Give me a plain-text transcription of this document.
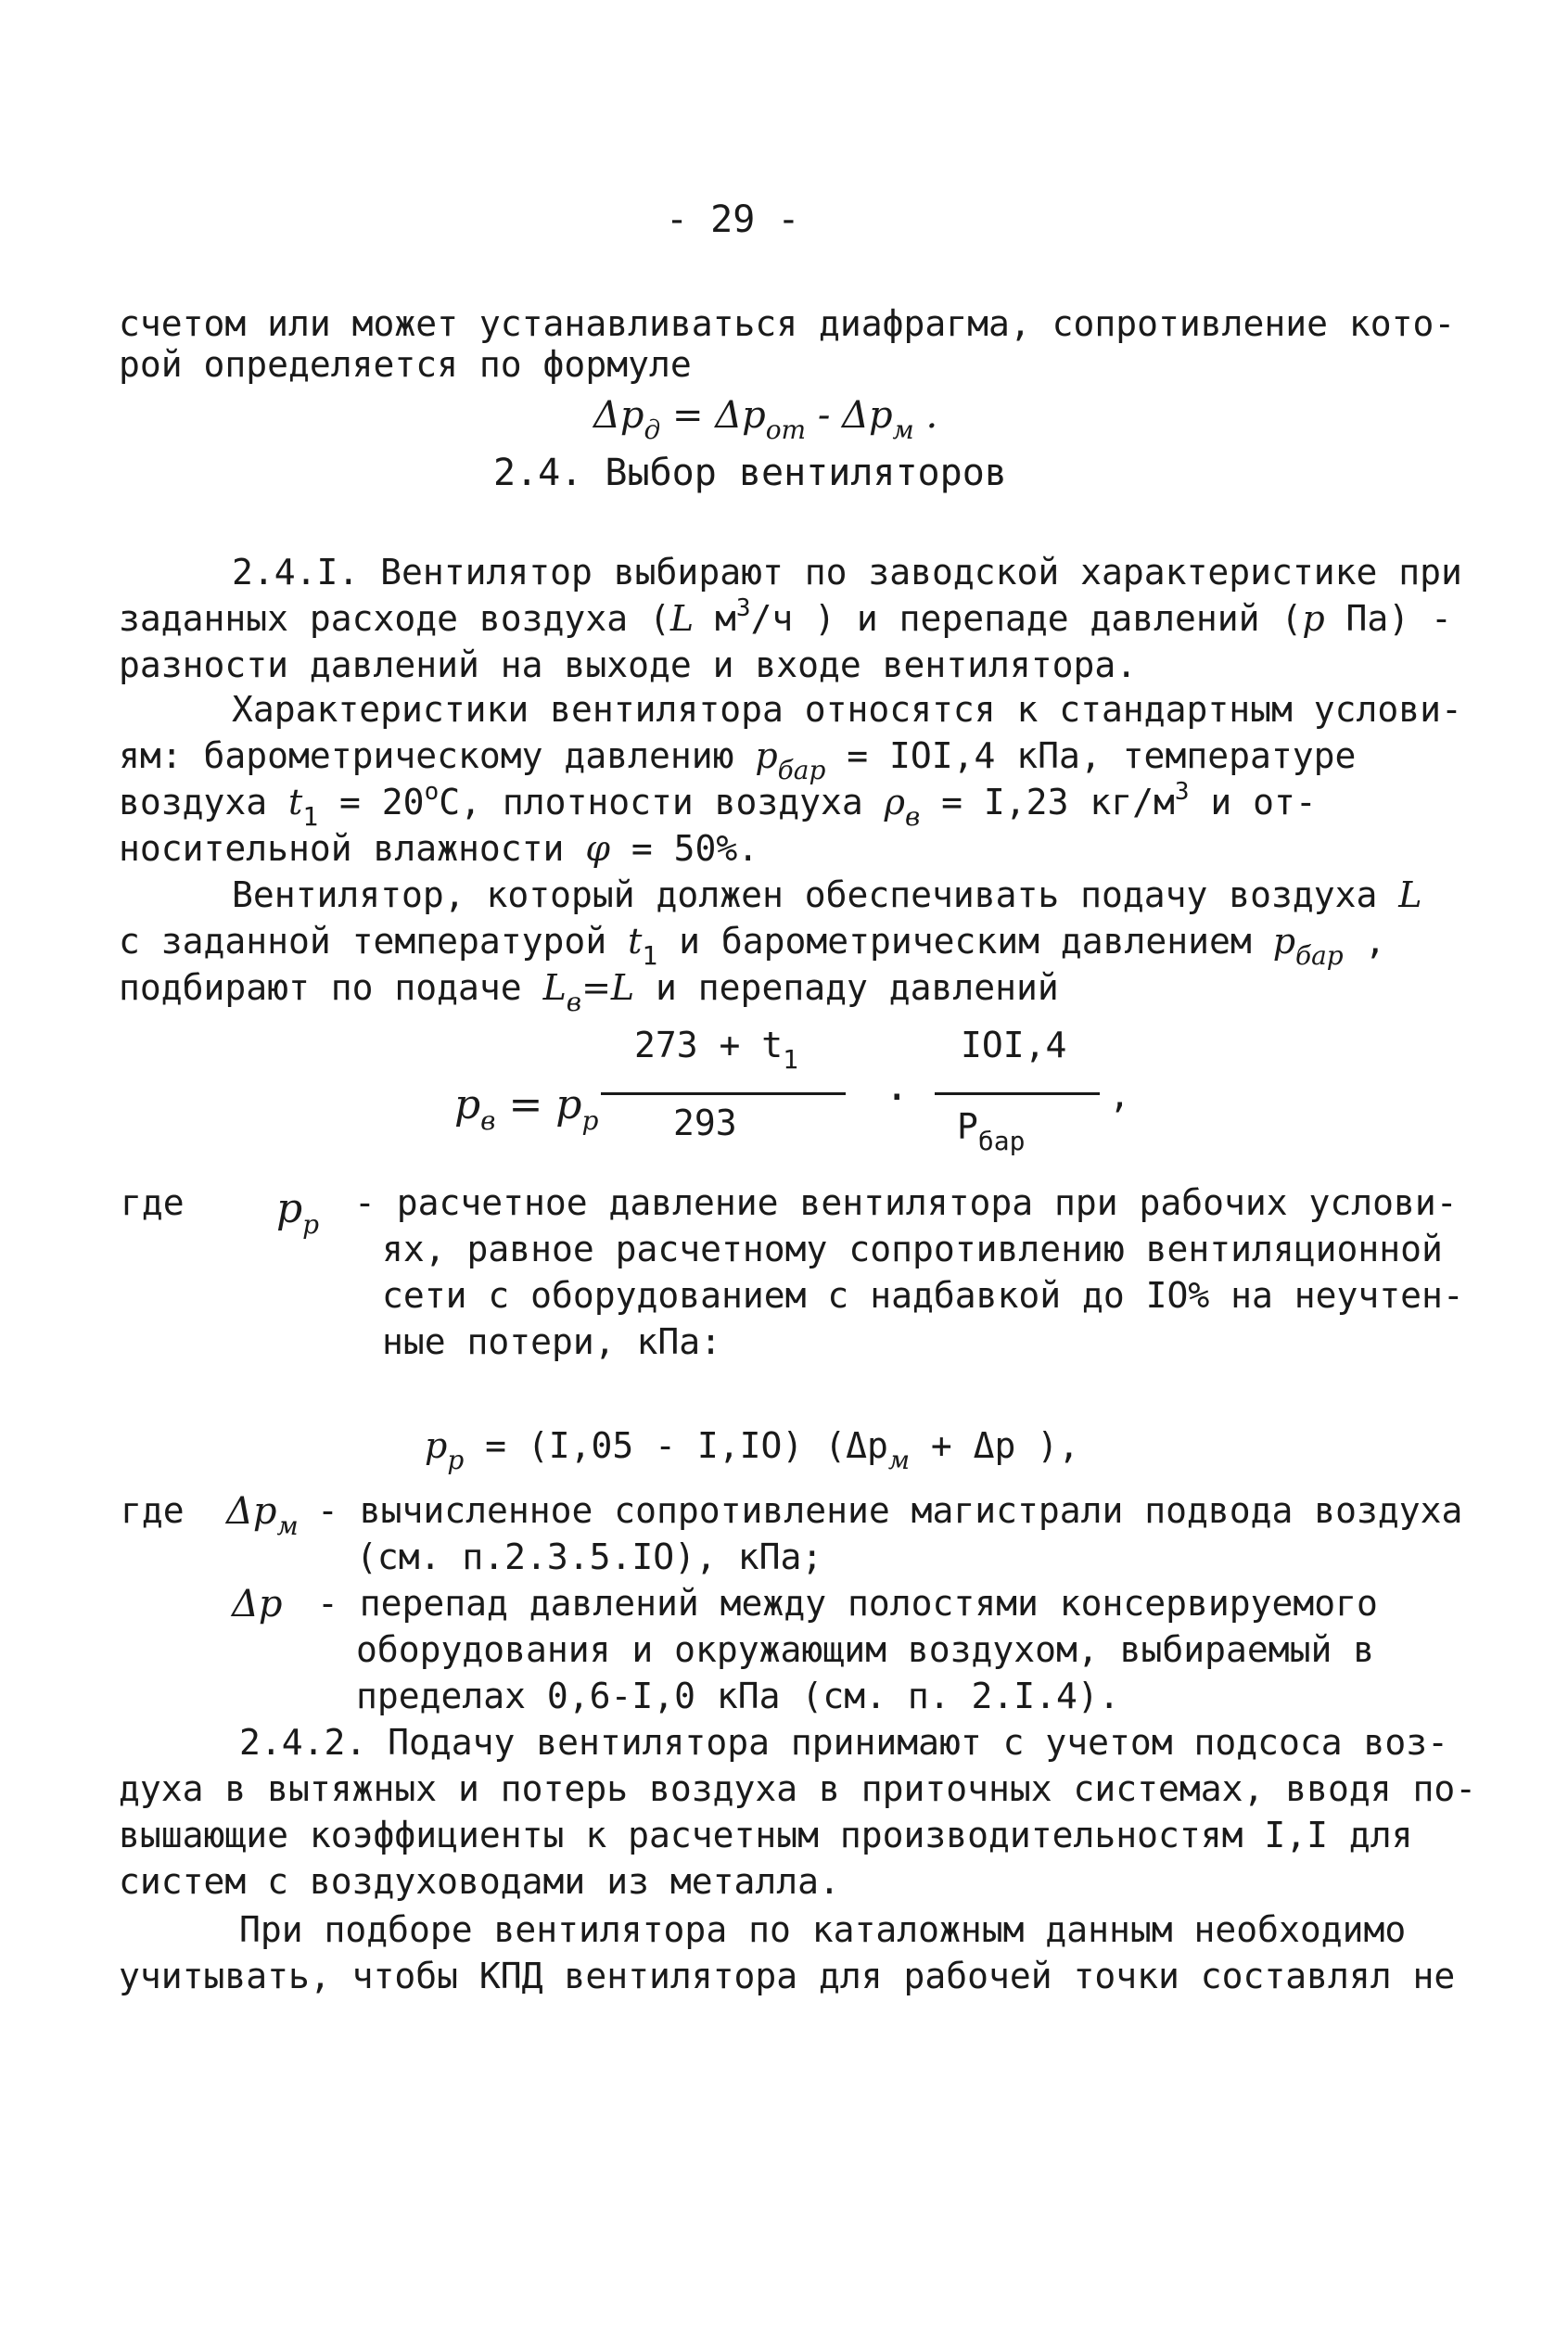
- 29 -
счетом или может устанавливаться диафрагма, сопротивление кото-
рой определяется по формуле
$\Delta p_д = \Delta p_{от} - \Delta p_м$ .
2.4. Выбор вентиляторов
2.4.I. Вентилятор выбирают по заводской характеристике при
заданных расходе воздуха (L $м^3/ч$ ) и перепаде давлений (p Па) -
разности давлений на выходе и входе вентилятора.
Характеристики вентилятора относятся к стандартным услови-
ям: барометрическому давлению $p_{бар} = IOI,4$ кПа, температуре
воздуха $t_1 = 20^оС$, плотности воздуха $\rho_в = I,23$ $кг/м^3$ и от-
носительной влажности φ = 50%.
Вентилятор, который должен обеспечивать подачу воздуха L
с заданной температурой $t_1$ и барометрическим давлением $p_{бар}$ ,
подбирают по подаче $L_в=L$ и перепаду давлений
$p_в = p_p$
$273 + t_1$
293
·
IOI,4
$P_{бар}$
,
где $p_p$
- расчетное давление вентилятора при рабочих услови-
ях, равное расчетному сопротивлению вентиляционной
сети с оборудованием с надбавкой до IO% на неучтен-
ные потери, кПа:
$p_p = (I,05 - I,IO) (\Delta p_м + \Delta p$ ),
где $\Delta p_м$ - вычисленное сопротивление магистрали подвода воздуха
(см. п.2.3.5.IO), кПа;
Δp - перепад давлений между полостями консервируемого
оборудования и окружающим воздухом, выбираемый в
пределах 0,6-I,0 кПа (см. п. 2.I.4).
2.4.2. Подачу вентилятора принимают с учетом подсоса воз-
духа в вытяжных и потерь воздуха в приточных системах, вводя по-
вышающие коэффициенты к расчетным производительностям I,I для
систем с воздуховодами из металла.
При подборе вентилятора по каталожным данным необходимо
учитывать, чтобы КПД вентилятора для рабочей точки составлял не
